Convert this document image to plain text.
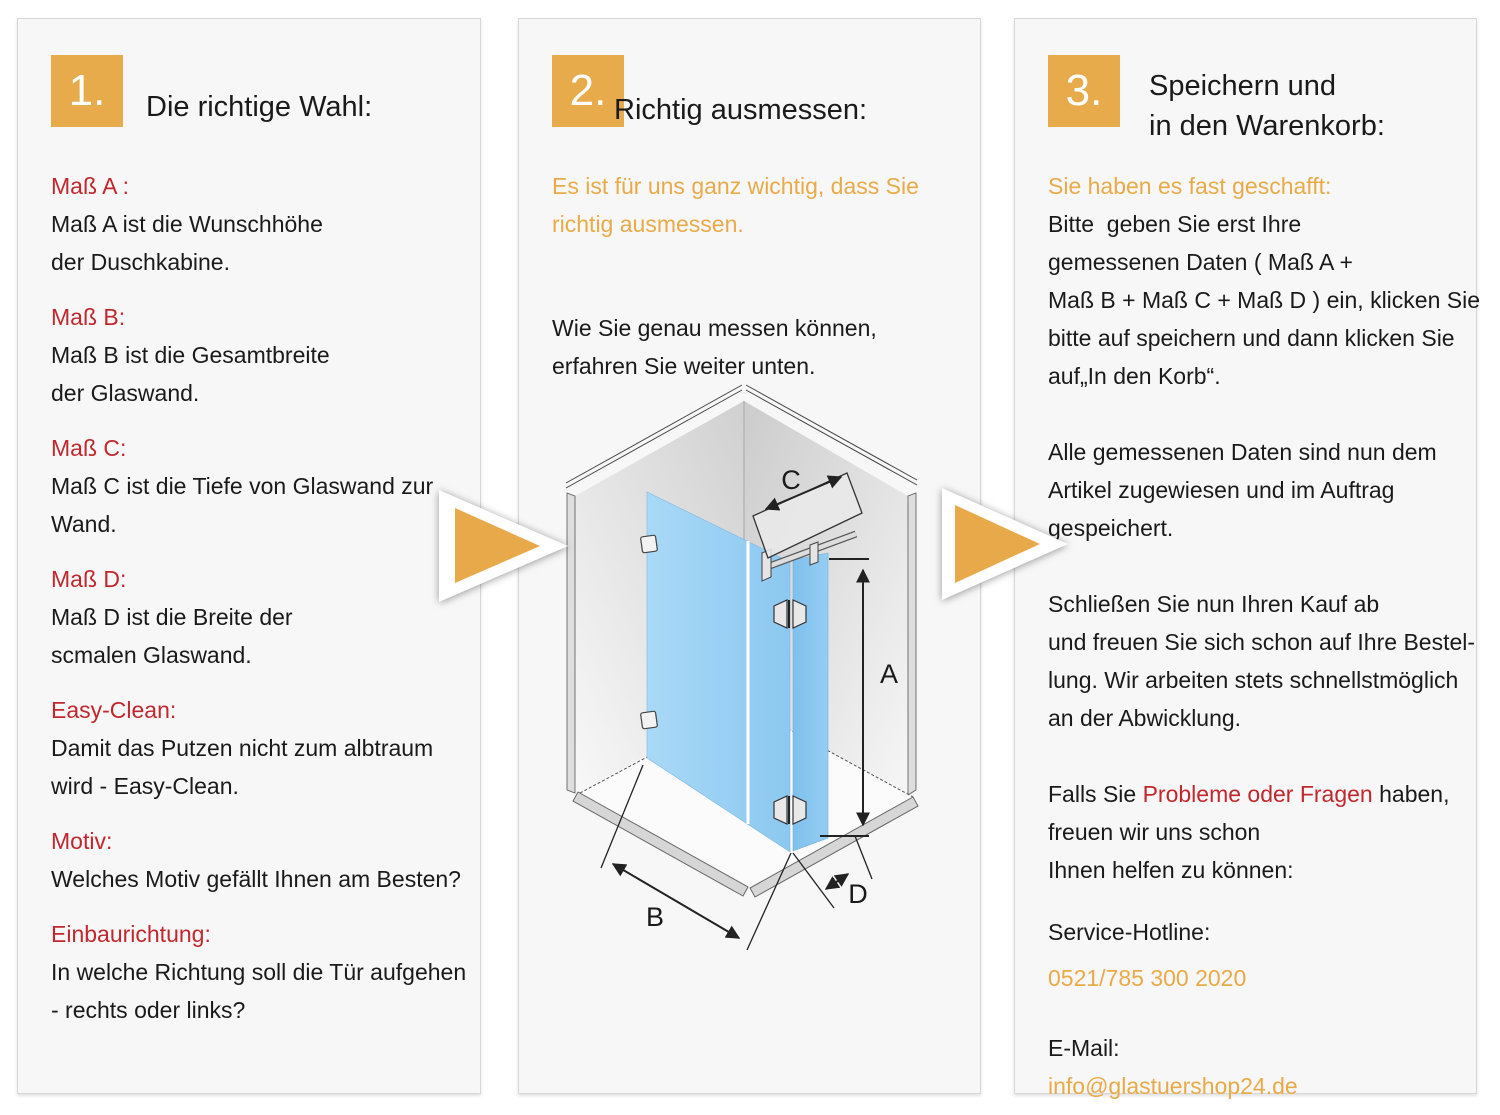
1.	Die richtige Wahl:
Maß A :
Maß A ist die Wunschhöhe
der Duschkabine.
Maß B:
Maß B ist die Gesamtbreite
der Glaswand.
Maß C:
Maß C ist die Tiefe von Glaswand zur
Wand.
Maß D:
Maß D ist die Breite der
scmalen Glaswand.
Easy-Clean:
Damit das Putzen nicht zum albtraum
wird - Easy-Clean.
Motiv:
Welches Motiv gefällt Ihnen am Besten?
Einbaurichtung:
In welche Richtung soll die Tür aufgehen
- rechts oder links?
2. Richtig ausmessen:
Es ist für uns ganz wichtig, dass Sie
richtig ausmessen.
Wie Sie genau messen können,
erfahren Sie weiter unten.
3.	Speichern und
in den Warenkorb:
Sie haben es fast geschafft:
Bitte  geben Sie erst Ihre
gemessenen Daten ( Maß A +
Maß B + Maß C + Maß D ) ein, klicken Sie
bitte auf speichern und dann klicken Sie
auf„In den Korb“.
Alle gemessenen Daten sind nun dem
Artikel zugewiesen und im Auftrag
gespeichert.
Schließen Sie nun Ihren Kauf ab
und freuen Sie sich schon auf Ihre Bestel-
lung. Wir arbeiten stets schnellstmöglich
an der Abwicklung.
Falls Sie Probleme oder Fragen haben,
freuen wir uns schon
Ihnen helfen zu können:
Service-Hotline:
0521/785 300 2020
E-Mail:
info@glastuershop24.de
C
A
B
D
